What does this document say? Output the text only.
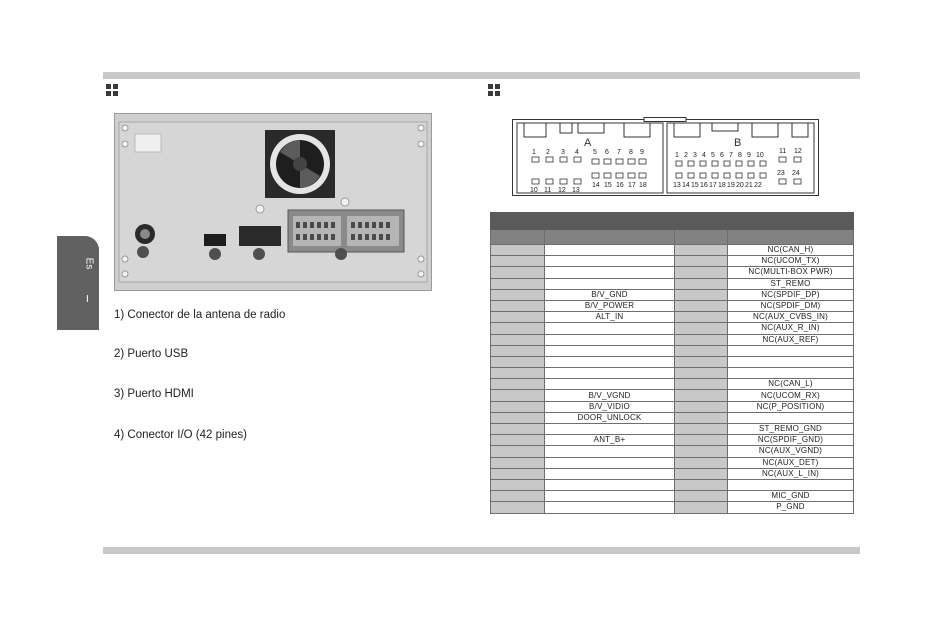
Es
I
1) Conector de la antena de radio
2) Puerto USB
3) Puerto HDMI
4) Conector I/O (42 pines)
A	B
1 2 3 4 5 6 7 8 9
10 11 12 13
14 15 16 17 18
1 2 3 4 5 6 7 8 9 10
11 12
13 14 15 16 17 18 19 20 21 22
23 24

			NC(CAN_H)
			NC(UCOM_TX)
			NC(MULTI-BOX PWR)
			ST_REMO
	B/V_GND		NC(SPDIF_DP)
	B/V_POWER		NC(SPDIF_DM)
	ALT_IN		NC(AUX_CVBS_IN)
			NC(AUX_R_IN)
			NC(AUX_REF)

			NC(CAN_L)
	B/V_VGND		NC(UCOM_RX)
	B/V_VIDIO		NC(P_POSITION)
	DOOR_UNLOCK		
			ST_REMO_GND
	ANT_B+		NC(SPDIF_GND)
			NC(AUX_VGND)
			NC(AUX_DET)
			NC(AUX_L_IN)

			MIC_GND
			P_GND
